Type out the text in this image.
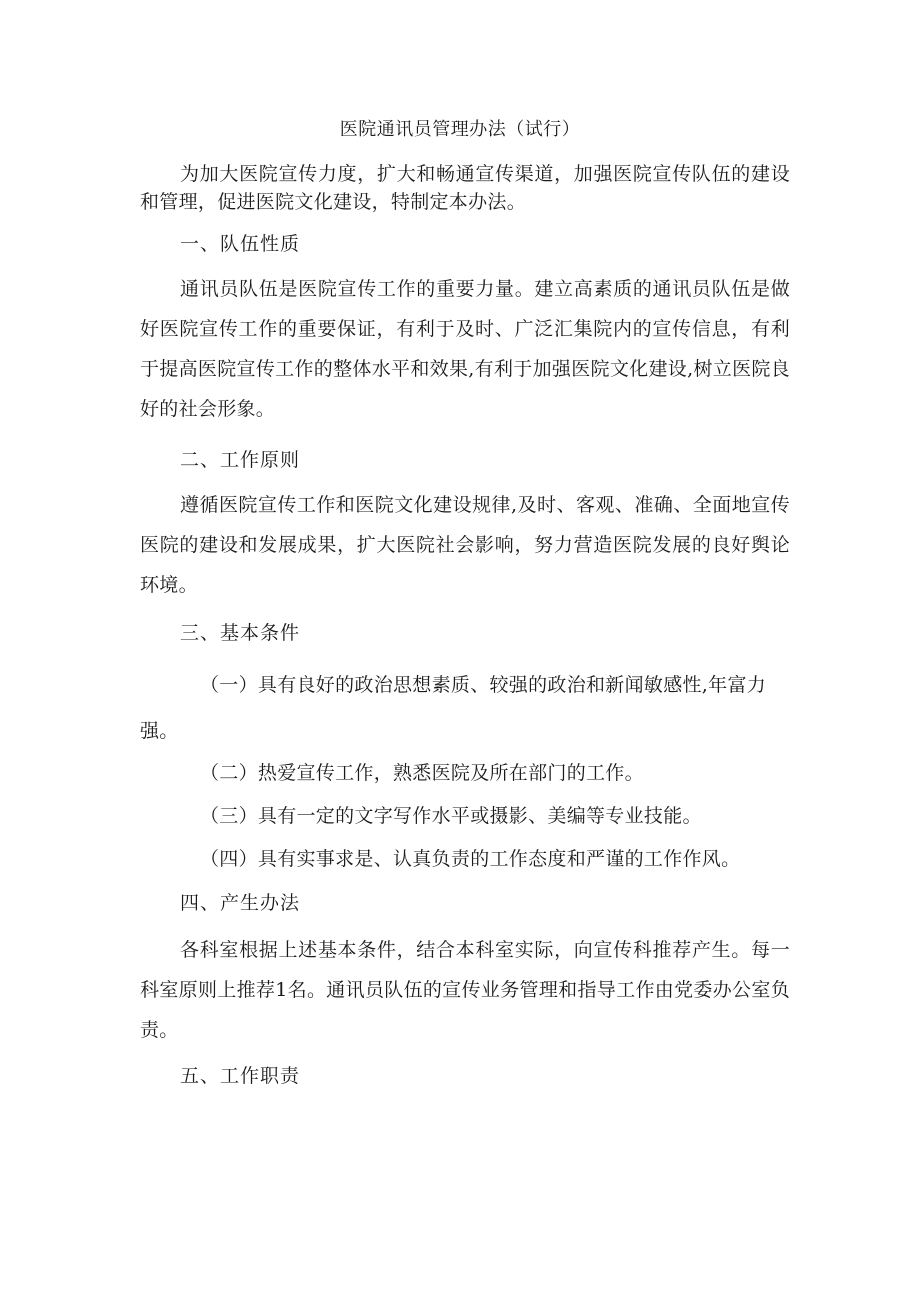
医院通讯员管理办法（试行）

为加大医院宣传力度，扩大和畅通宣传渠道，加强医院宣传队伍的建设和管理，促进医院文化建设，特制定本办法。

一、队伍性质

通讯员队伍是医院宣传工作的重要力量。建立高素质的通讯员队伍是做好医院宣传工作的重要保证，有利于及时、广泛汇集院内的宣传信息，有利于提高医院宣传工作的整体水平和效果,有利于加强医院文化建设,树立医院良好的社会形象。

二、工作原则

遵循医院宣传工作和医院文化建设规律,及时、客观、准确、全面地宣传医院的建设和发展成果，扩大医院社会影响，努力营造医院发展的良好舆论环境。

三、基本条件

（一）具有良好的政治思想素质、较强的政治和新闻敏感性,年富力强。

（二）热爱宣传工作，熟悉医院及所在部门的工作。

（三）具有一定的文字写作水平或摄影、美编等专业技能。

（四）具有实事求是、认真负责的工作态度和严谨的工作作风。

四、产生办法

各科室根据上述基本条件，结合本科室实际，向宣传科推荐产生。每一科室原则上推荐1名。通讯员队伍的宣传业务管理和指导工作由党委办公室负责。

五、工作职责
